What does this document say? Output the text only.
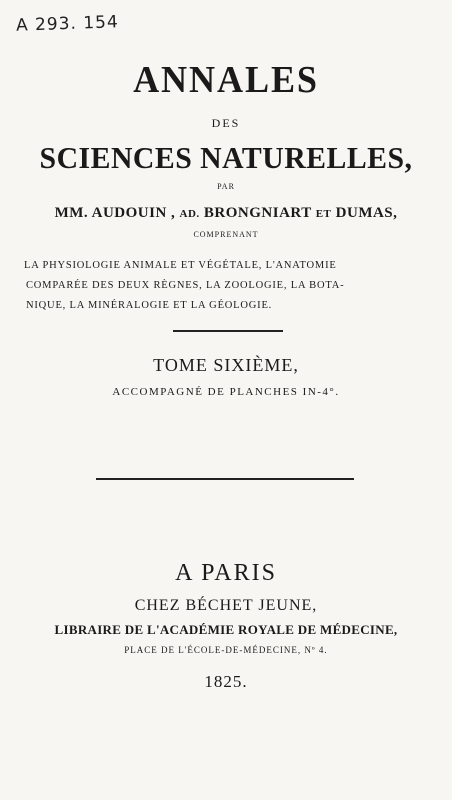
A 293. 154
ANNALES
DES
SCIENCES NATURELLES,
PAR
MM. AUDOUIN , AD. BRONGNIART ET DUMAS,
COMPRENANT
LA PHYSIOLOGIE ANIMALE ET VÉGÉTALE, L'ANATOMIE
COMPARÉE DES DEUX RÈGNES, LA ZOOLOGIE, LA BOTA-
NIQUE, LA MINÉRALOGIE ET LA GÉOLOGIE.
TOME SIXIÈME,
ACCOMPAGNÉ DE PLANCHES IN-4°.
A PARIS
CHEZ BÉCHET JEUNE,
LIBRAIRE DE L'ACADÉMIE ROYALE DE MÉDECINE,
PLACE DE L'ÉCOLE-DE-MÉDECINE, Nº 4.
1825.
